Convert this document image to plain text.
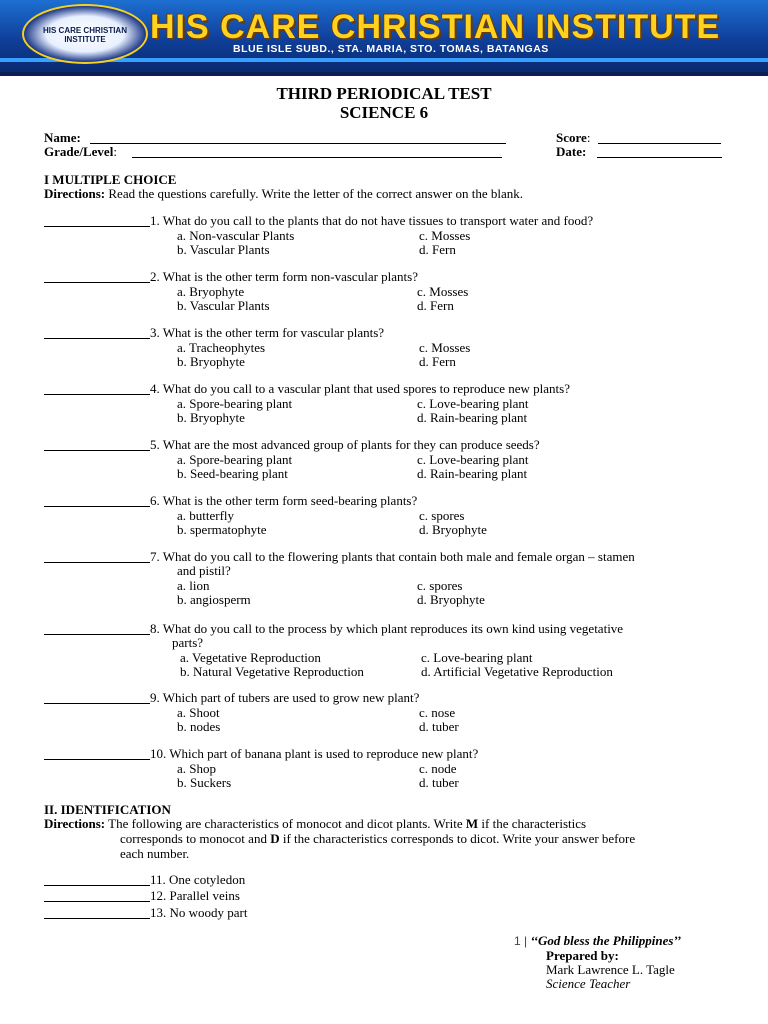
HIS CARE CHRISTIAN INSTITUTE	HIS CARE CHRISTIAN INSTITUTE
BLUE ISLE SUBD., STA. MARIA, STO. TOMAS, BATANGAS
THIRD PERIODICAL TEST
SCIENCE 6
Name:	Score:
Grade/Level:	Date:
I MULTIPLE CHOICE
Directions: Read the questions carefully. Write the letter of the correct answer on the blank.
1. What do you call to the plants that do not have tissues to transport water and food?
a. Non-vascular Plants	c. Mosses
b. Vascular Plants	d. Fern
2. What is the other term form non-vascular plants?
a. Bryophyte	c. Mosses
b. Vascular Plants	d. Fern
3. What is the other term for vascular plants?
a. Tracheophytes	c. Mosses
b. Bryophyte	d. Fern
4. What do you call to a vascular plant that used spores to reproduce new plants?
a. Spore-bearing plant	c. Love-bearing plant
b. Bryophyte	d. Rain-bearing plant
5. What are the most advanced group of plants for they can produce seeds?
a. Spore-bearing plant	c. Love-bearing plant
b. Seed-bearing plant	d. Rain-bearing plant
6. What is the other term form seed-bearing plants?
a. butterfly	c. spores
b. spermatophyte	d. Bryophyte
7. What do you call to the flowering plants that contain both male and female organ – stamen
and pistil?
a. lion	c. spores
b. angiosperm	d. Bryophyte
8. What do you call to the process by which plant reproduces its own kind using vegetative
parts?
a. Vegetative Reproduction	c. Love-bearing plant
b. Natural Vegetative Reproduction	d. Artificial Vegetative Reproduction
9. Which part of tubers are used to grow new plant?
a. Shoot	c. nose
b. nodes	d. tuber
10. Which part of banana plant is used to reproduce new plant?
a. Shop	c. node
b. Suckers	d. tuber
II. IDENTIFICATION
Directions: The following are characteristics of monocot and dicot plants. Write M if the characteristics
corresponds to monocot and D if the characteristics corresponds to dicot. Write your answer before
each number.
11. One cotyledon
12. Parallel veins
13. No woody part
1 | ‘‘God bless the Philippines’’
Prepared by:
Mark Lawrence L. Tagle
Science Teacher
